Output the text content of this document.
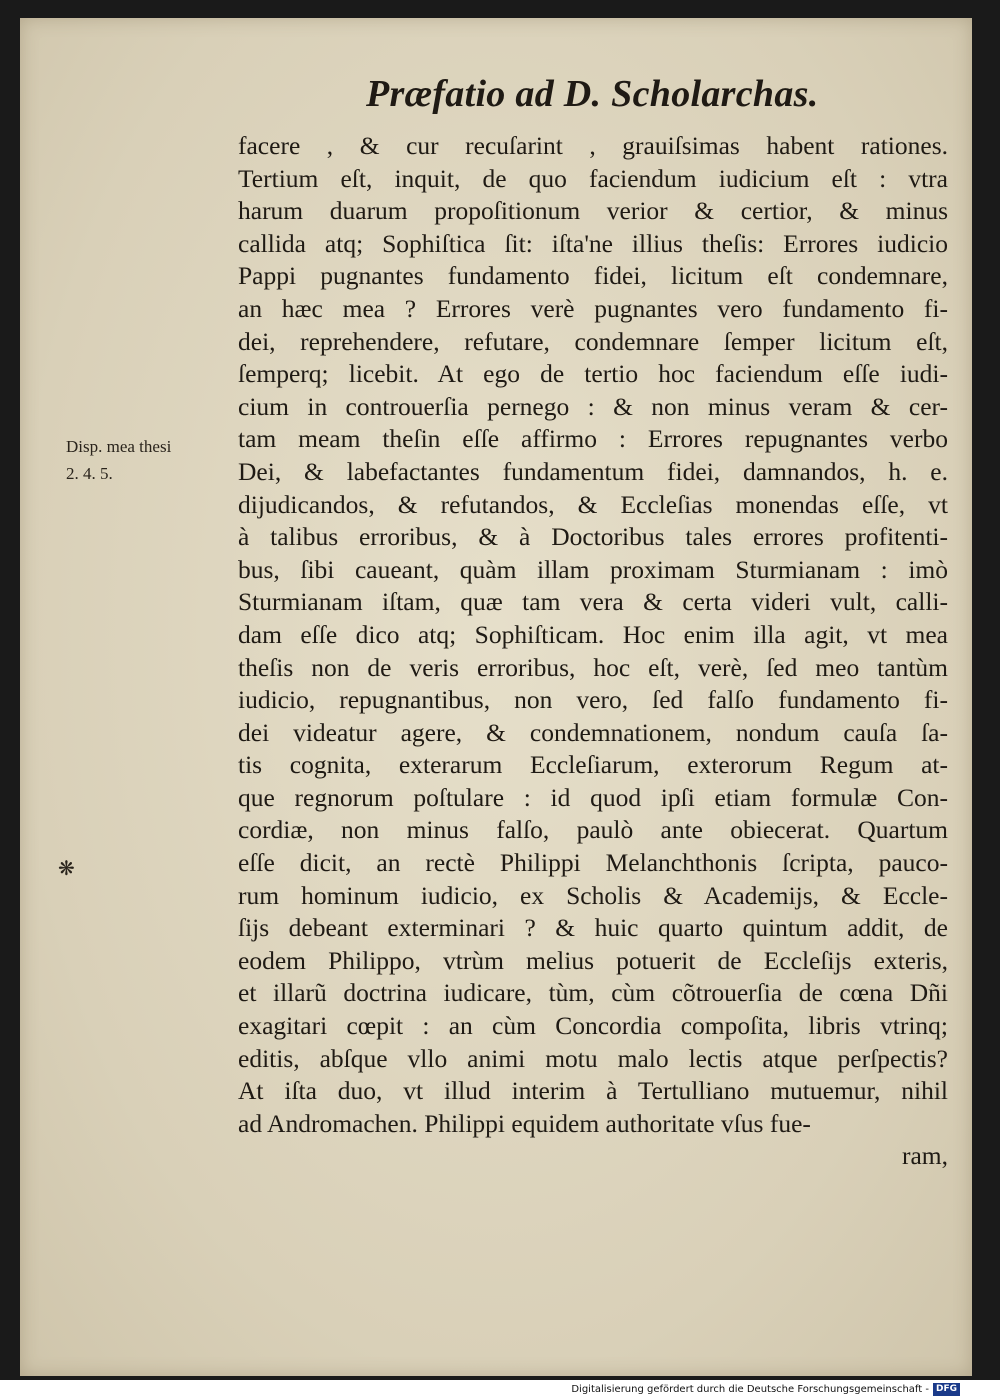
Præfatio ad D. Scholarchas.
Disp. mea thesi
2. 4. 5.
❋
facere , & cur recuſarint , grauiſsimas habent rationes.
Tertium eſt, inquit, de quo faciendum iudicium eſt : vtra
harum duarum propoſitionum verior & certior, & minus
callida atq; Sophiſtica ſit: iſta'ne illius theſis: Errores iudicio
Pappi pugnantes fundamento fidei, licitum eſt condemnare,
an hæc mea ? Errores verè pugnantes vero fundamento fi-
dei, reprehendere, refutare, condemnare ſemper licitum eſt,
ſemperq; licebit. At ego de tertio hoc faciendum eſſe iudi-
cium in controuerſia pernego : & non minus veram & cer-
tam meam theſin eſſe affirmo : Errores repugnantes verbo
Dei, & labefactantes fundamentum fidei, damnandos, h. e.
dijudicandos, & refutandos, & Eccleſias monendas eſſe, vt
à talibus erroribus, & à Doctoribus tales errores profitenti-
bus, ſibi caueant, quàm illam proximam Sturmianam : imò
Sturmianam iſtam, quæ tam vera & certa videri vult, calli-
dam eſſe dico atq; Sophiſticam. Hoc enim illa agit, vt mea
theſis non de veris erroribus, hoc eſt, verè, ſed meo tantùm
iudicio, repugnantibus, non vero, ſed falſo fundamento fi-
dei videatur agere, & condemnationem, nondum cauſa ſa-
tis cognita, exterarum Eccleſiarum, exterorum Regum at-
que regnorum poſtulare : id quod ipſi etiam formulæ Con-
cordiæ, non minus falſo, paulò ante obiecerat. Quartum
eſſe dicit, an rectè Philippi Melanchthonis ſcripta, pauco-
rum hominum iudicio, ex Scholis & Academijs, & Eccle-
ſijs debeant exterminari ? & huic quarto quintum addit, de
eodem Philippo, vtrùm melius potuerit de Eccleſijs exteris,
et illarũ doctrina iudicare, tùm, cùm cõtrouerſia de cœna Dñi
exagitari cœpit : an cùm Concordia compoſita, libris vtrinq;
editis, abſque vllo animi motu malo lectis atque perſpectis?
At iſta duo, vt illud interim à Tertulliano mutuemur, nihil
ad Andromachen. Philippi equidem authoritate vſus fue-
ram,
Digitalisierung gefördert durch die Deutsche Forschungsgemeinschaft - DFG
